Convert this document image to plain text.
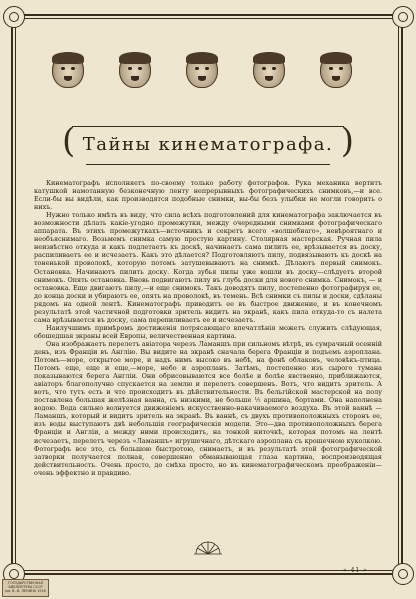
( Тайны кинематографа. )

Кинематографъ исполняетъ по-своему только работу фотографов. Рука механика вертитъ катушкой намотанную безконечную ленту непрерывныхъ фотографическихъ снимковъ,—и все. Если-бы вы видѣли, как производятся подобные снимки, вы-бы безъ улыбки не могли говорить о нихъ.

Нужно только имѣть въ виду, что сила всѣхъ подготовлений для кинематографа заключается въ возможности дѣлать какіе-угодно промежутки, между очередными снимками фотографическаго аппарата. Въ этихъ промежуткахъ—источникъ и секретъ всего «волшебнаго», невѣроятнаго и необъяснимаго. Возьмемъ снимка самую простую картину. Столярная мастерская. Ручная пила неизвѣстно откуда и какъ подлетаетъ къ доскѣ, начинаетъ сама пилить ее, врѣзывается въ доску, распиливаетъ ее и исчезаетъ. Какъ это дѣлается? Подготовляютъ пилу, подвязываютъ къ доскѣ на тоненькой проволокѣ, которую потомъ затушевываютъ на снимкѣ. Дѣлаютъ первый снимокъ. Остановка. Начинаютъ пилить доску. Когда зубья пилы уже вошли въ доску—слѣдуетъ второй снимокъ. Опять остановка. Вновь подвигаютъ пилу въ глубь доски для нового снимка. Снимокъ, — и остановка. Еще двигаютъ пилу,—и еще снимокъ. Такъ доводятъ пилу, постепенно фотографируя ее, до конца доски и убираютъ ее, опять на проволокѣ, въ темень. Всѣ снимки съ пилы и доски, сдѣланы рядомъ на одной лентѣ. Кинематографъ приводитъ ее въ быстрое движение, и въ конечномъ результатѣ этой частичной подготовки зритель видитъ на экранѣ, какъ пила откуда-то съ налета сама врѣзывается въ доску, сама перепиливаетъ ее и исчезаетъ.

Наилучшимъ примѣромъ достиженія потрясающаго впечатлѣнія можетъ служить слѣдующая, обошедшая экраны всей Европы, величественная картина.

Она изображаетъ перелетъ авіатора черезъ Ламаншъ при сильномъ вѣтрѣ, въ сумрачный осенній день, изъ Франціи въ Англію. Вы видите на экранѣ сначала берега Франціи и подъемъ аэроплана. Потомъ—море, открытое море, и надъ нимъ высоко въ небѣ, на фонѣ облаковъ, человѣкъ-птица. Потомъ еще, еще и еще,—море, небо и аэропланъ. Затѣмъ, постепенно изъ сырого тумана показываются берега Англіи. Они обрисовываются все болѣе и болѣе явственно, приближаются, авіаторъ благополучно спускается на землю и перелетъ совершенъ. Вотъ, что видитъ зритель. А вотъ, что тутъ есть и что происходитъ въ дѣйствительности. Въ бельгійской мастерской на полу поставлена большая желѣзная ванна, съ низкими, не больше ½ аршина, бортами. Она наполнена водою. Вода сильно волнуется движеніемъ искусственно-накачиваемого воздуха. Въ этой ваннѣ — Ламаншъ, который и видитъ зритель на экранѣ. Въ ваннѣ, съ двухъ противоположныхъ сторонъ ее, изъ воды выступаютъ двѣ небольшія географическія модели. Это—два противоположныхъ берега Франціи и Англіи, а между ними происходитъ, на тонкой ниточкѣ, которая потомъ на лентѣ исчезаетъ, перелетъ черезъ «Ламаншъ» игрушечнаго, дѣтскаго аэроплана съ крошечною куколкою. Фотографъ все это, съ большою быстротою, снимаетъ, и въ результатѣ этой фотографической затворки получается полная, совершенно обманывающая глаза картина, воспроизводящая действительность. Очень просто, до смѣха просто, но въ кинематографическомъ преображеніи—очень эффектно и правдиво.

« 41 »
ГОСУДАРСТВЕННАЯ БИБЛИОТЕКА СССР им. В. И. ЛЕНИНА 1916
